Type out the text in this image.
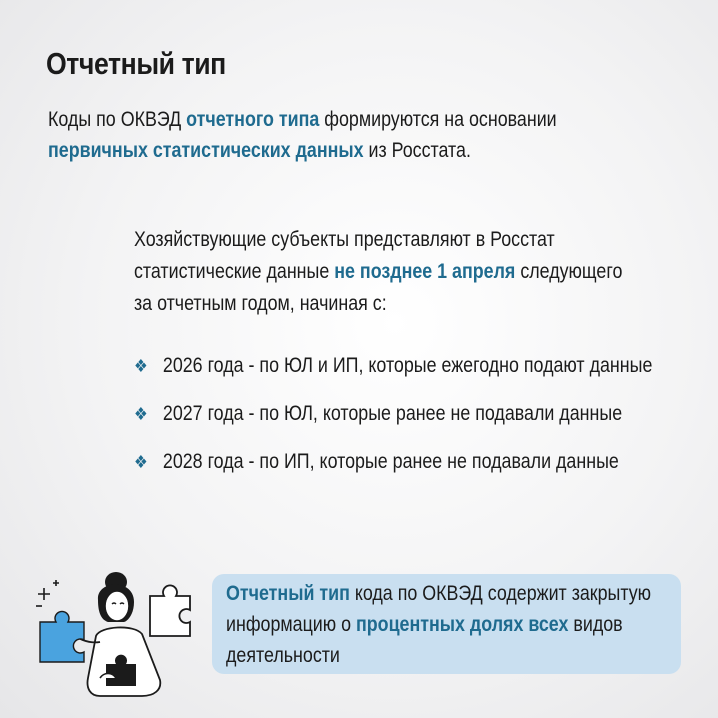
Отчетный тип

Коды по ОКВЭД отчетного типа формируются на основании первичных статистических данных из Росстата.

Хозяйствующие субъекты представляют в Росстат статистические данные не позднее 1 апреля следующего за отчетным годом, начиная с:

❖ 2026 года - по ЮЛ и ИП, которые ежегодно подают данные
❖ 2027 года - по ЮЛ, которые ранее не подавали данные
❖ 2028 года - по ИП, которые ранее не подавали данные

Отчетный тип кода по ОКВЭД содержит закрытую информацию о процентных долях всех видов деятельности
